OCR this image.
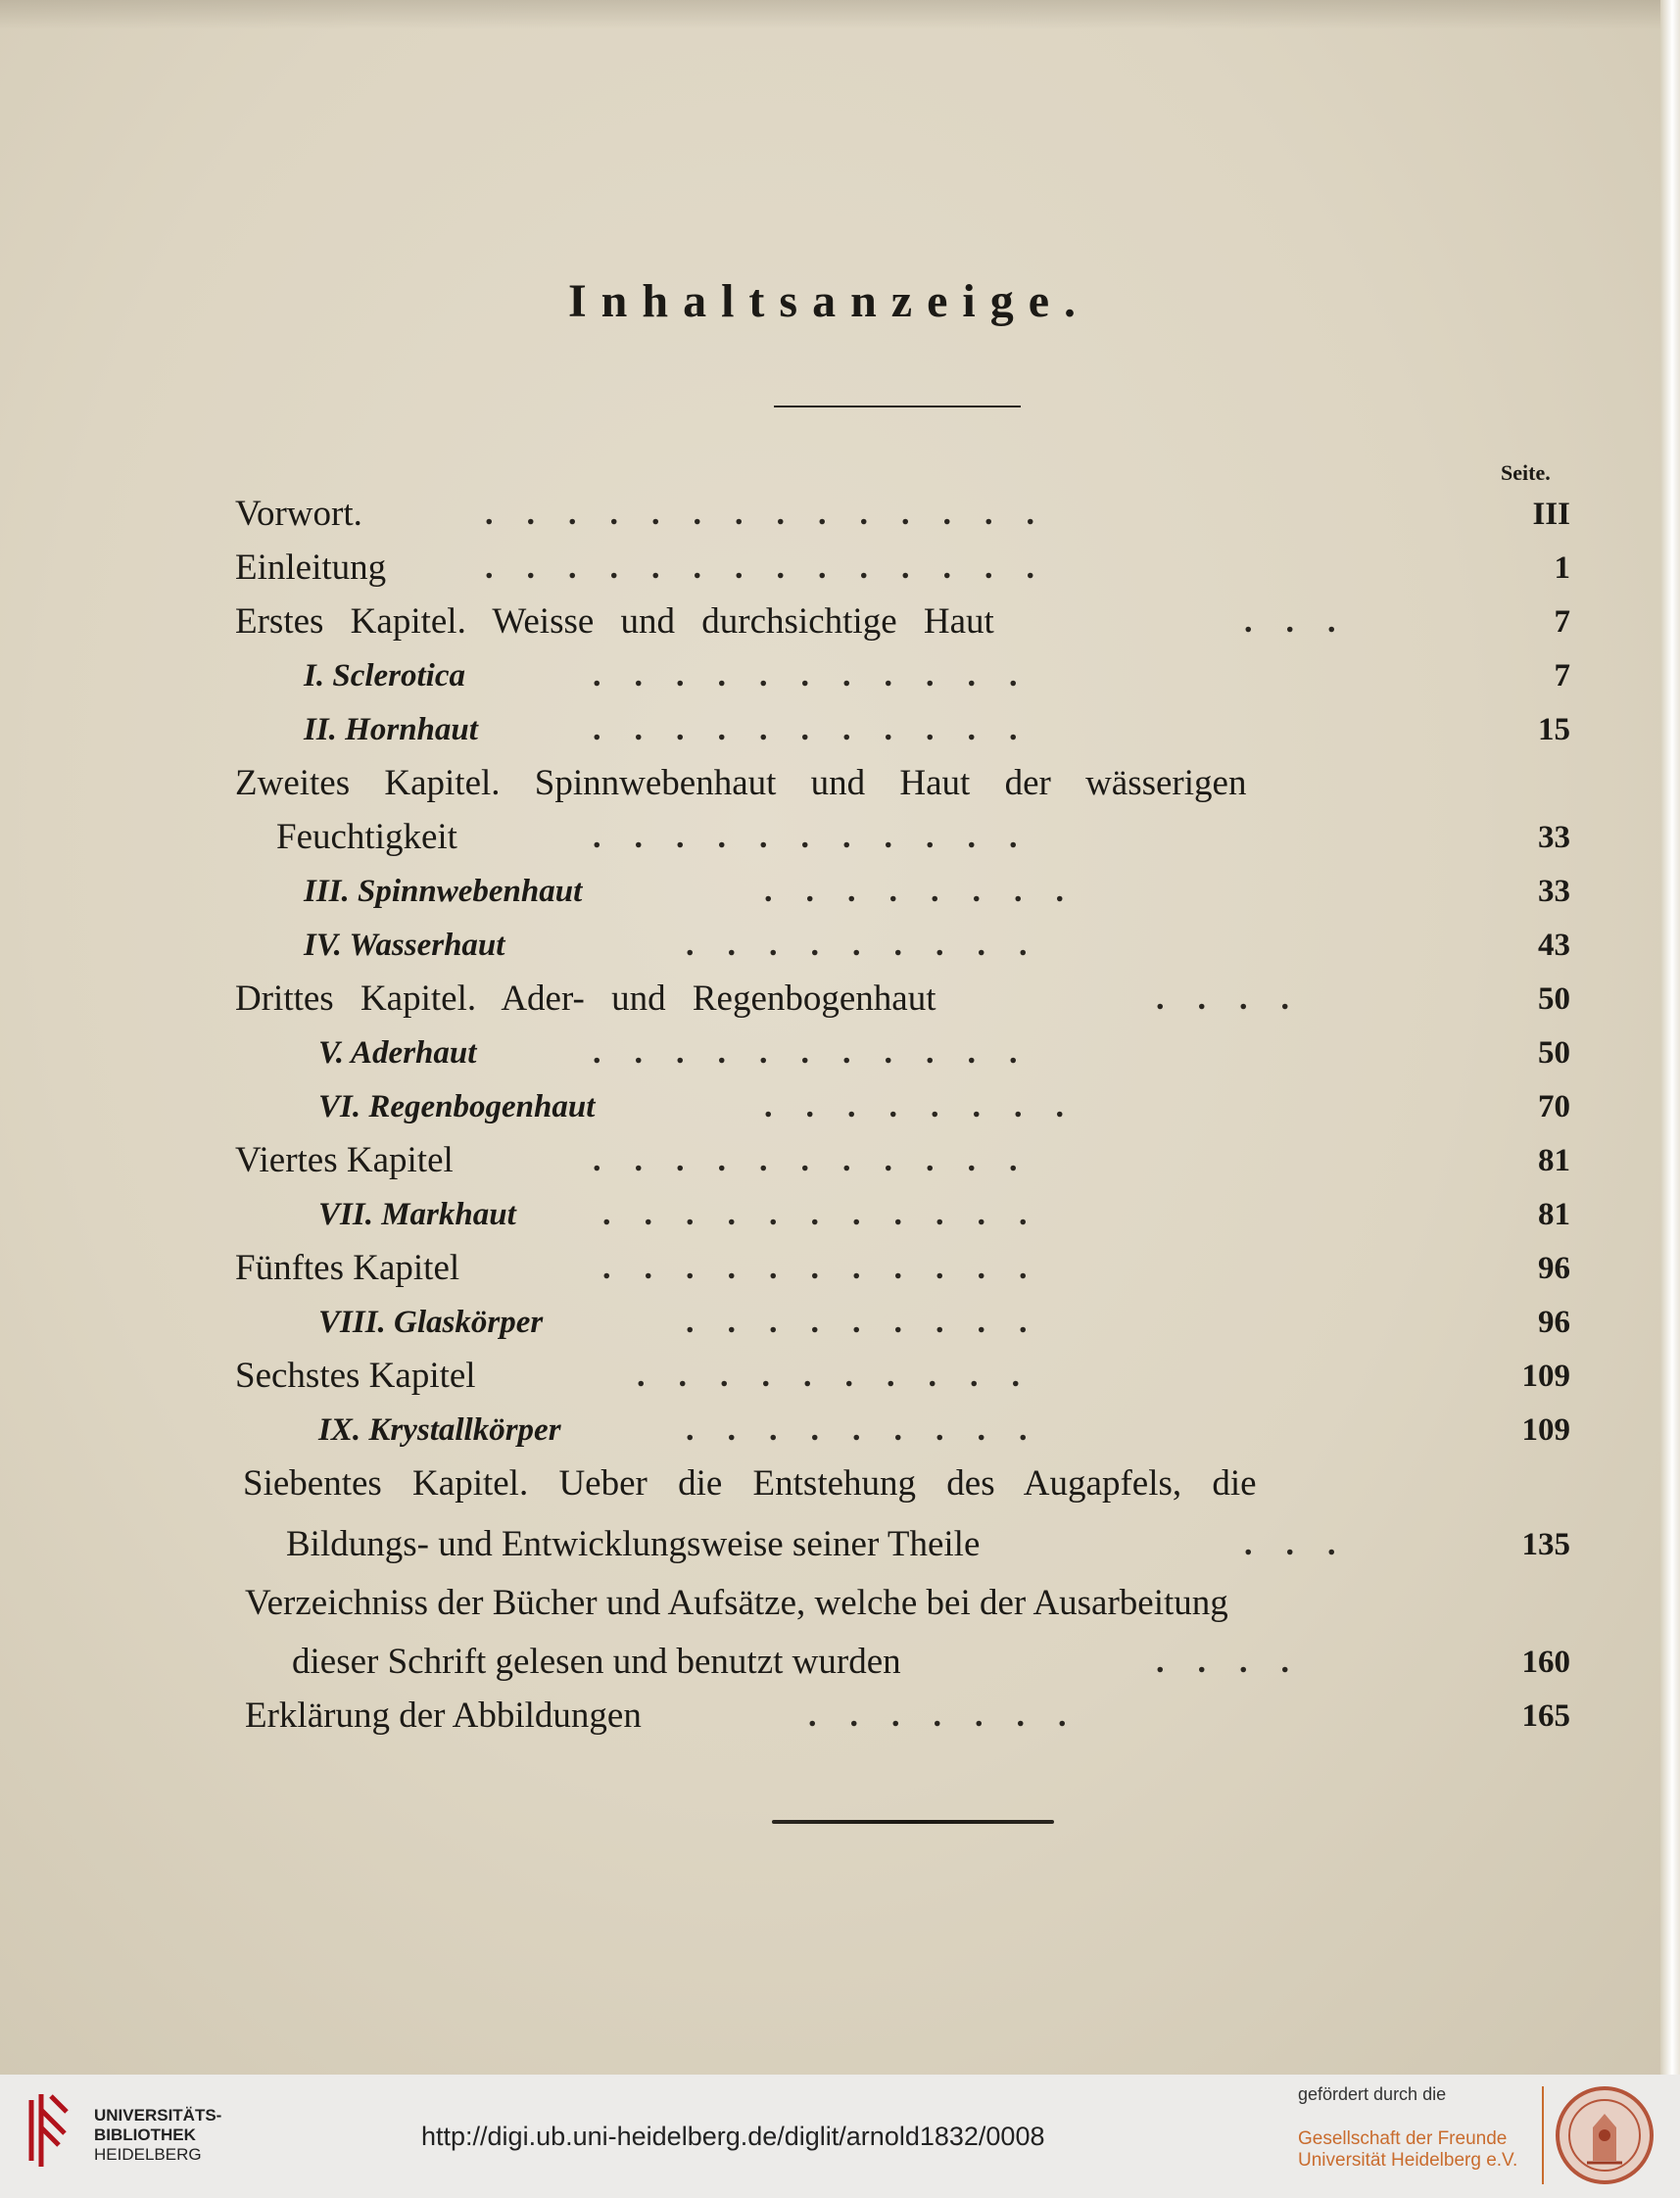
Inhaltsanzeige.
Seite.
Vorwort.	..............	III
Einleitung	..............	1
Erstes Kapitel. Weisse und durchsichtige Haut	...	7
I. Sclerotica	...........	7
II. Hornhaut	...........	15
Zweites Kapitel. Spinnwebenhaut und Haut der wässerigen
Feuchtigkeit	...........	33
III. Spinnwebenhaut	........	33
IV. Wasserhaut	.........	43
Drittes Kapitel. Ader- und Regenbogenhaut	....	50
V. Aderhaut	...........	50
VI. Regenbogenhaut	........	70
Viertes Kapitel	...........	81
VII. Markhaut	...........	81
Fünftes Kapitel	...........	96
VIII. Glaskörper	.........	96
Sechstes Kapitel	..........	109
IX. Krystallkörper	.........	109
Siebentes Kapitel. Ueber die Entstehung des Augapfels, die
Bildungs- und Entwicklungsweise seiner Theile	...	135
Verzeichniss der Bücher und Aufsätze, welche bei der Ausarbeitung
dieser Schrift gelesen und benutzt wurden	....	160
Erklärung der Abbildungen	.......	165
UNIVERSITÄTS-
BIBLIOTHEK
HEIDELBERG
http://digi.ub.uni-heidelberg.de/diglit/arnold1832/0008
gefördert durch die
Gesellschaft der Freunde
Universität Heidelberg e.V.
